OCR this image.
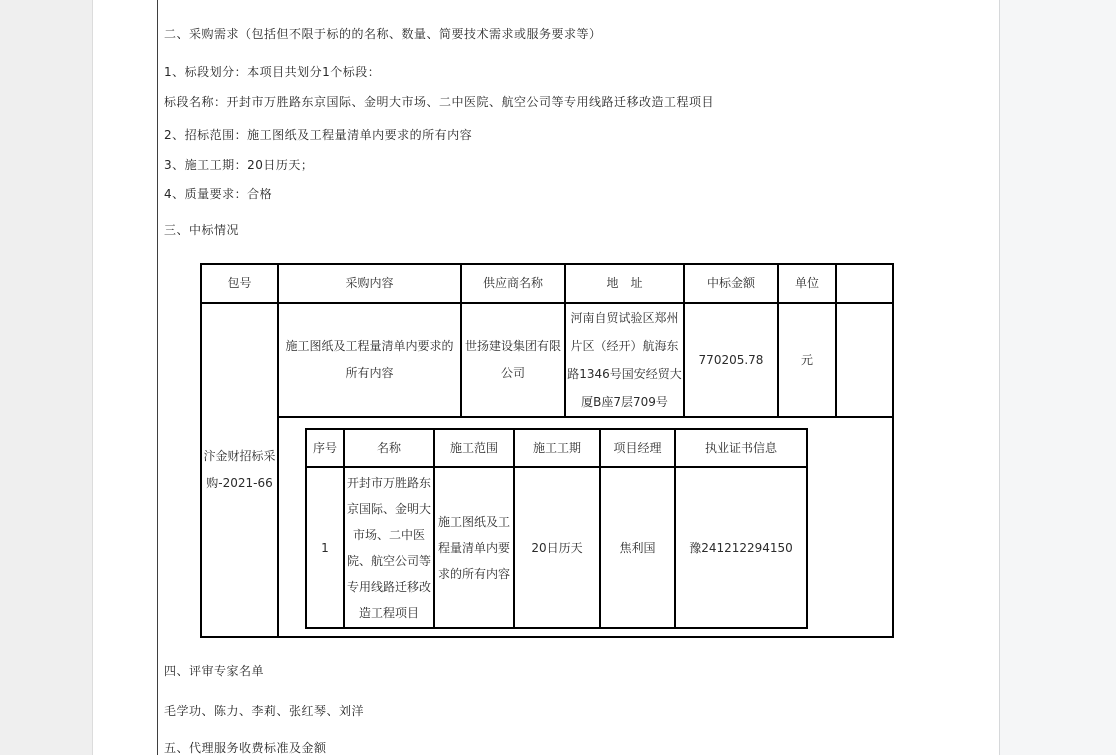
二、采购需求（包括但不限于标的的名称、数量、简要技术需求或服务要求等）
1、标段划分：本项目共划分1个标段：
标段名称：开封市万胜路东京国际、金明大市场、二中医院、航空公司等专用线路迁移改造工程项目
2、招标范围：施工图纸及工程量清单内要求的所有内容
3、施工工期：20日历天；
4、质量要求：合格
三、中标情况
包号	采购内容	供应商名称	地　址	中标金额	单位	
汴金财招标采购-2021-66	施工图纸及工程量清单内要求的所有内容	世扬建设集团有限公司	河南自贸试验区郑州片区（经开）航海东路1346号国安经贸大厦B座7层709号	770205.78	元	

序号	名称	施工范围	施工工期	项目经理	执业证书信息
1	开封市万胜路东京国际、金明大市场、二中医院、航空公司等专用线路迁移改造工程项目	施工图纸及工程量清单内要求的所有内容	20日历天	焦利国	豫241212294150
四、评审专家名单
毛学功、陈力、李莉、张红琴、刘洋
五、代理服务收费标准及金额
